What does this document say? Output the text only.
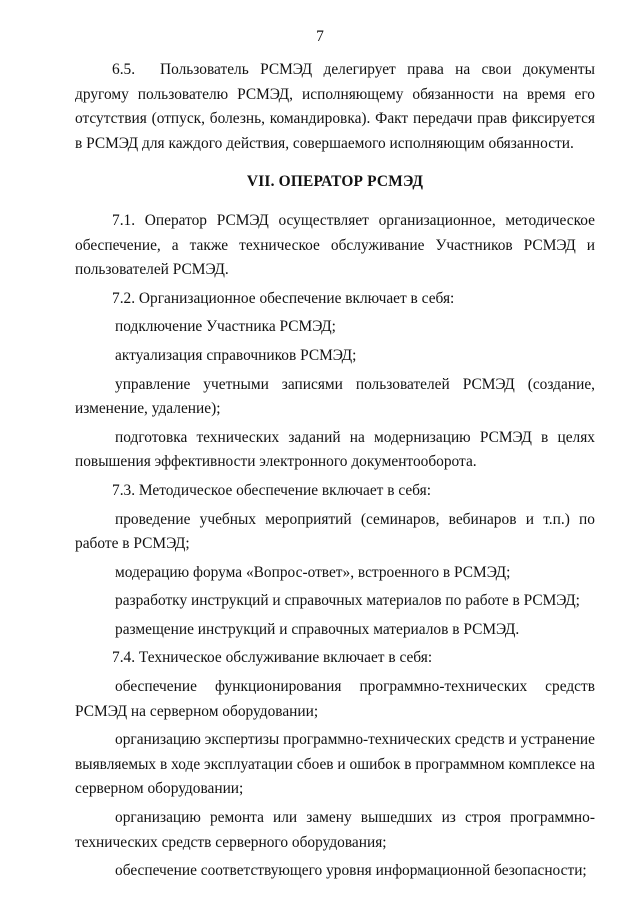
7

6.5. Пользователь РСМЭД делегирует права на свои документы другому пользователю РСМЭД, исполняющему обязанности на время его отсутствия (отпуск, болезнь, командировка). Факт передачи прав фиксируется в РСМЭД для каждого действия, совершаемого исполняющим обязанности.

VII. ОПЕРАТОР РСМЭД

7.1. Оператор РСМЭД осуществляет организационное, методическое обеспечение, а также техническое обслуживание Участников РСМЭД и пользователей РСМЭД.

7.2. Организационное обеспечение включает в себя:

подключение Участника РСМЭД;

актуализация справочников РСМЭД;

управление учетными записями пользователей РСМЭД (создание, изменение, удаление);

подготовка технических заданий на модернизацию РСМЭД в целях повышения эффективности электронного документооборота.

7.3. Методическое обеспечение включает в себя:

проведение учебных мероприятий (семинаров, вебинаров и т.п.) по работе в РСМЭД;

модерацию форума «Вопрос-ответ», встроенного в РСМЭД;

разработку инструкций и справочных материалов по работе в РСМЭД;

размещение инструкций и справочных материалов в РСМЭД.

7.4. Техническое обслуживание включает в себя:

обеспечение функционирования программно-технических средств РСМЭД на серверном оборудовании;

организацию экспертизы программно-технических средств и устранение выявляемых в ходе эксплуатации сбоев и ошибок в программном комплексе на серверном оборудовании;

организацию ремонта или замену вышедших из строя программно-технических средств серверного оборудования;

обеспечение соответствующего уровня информационной безопасности;
